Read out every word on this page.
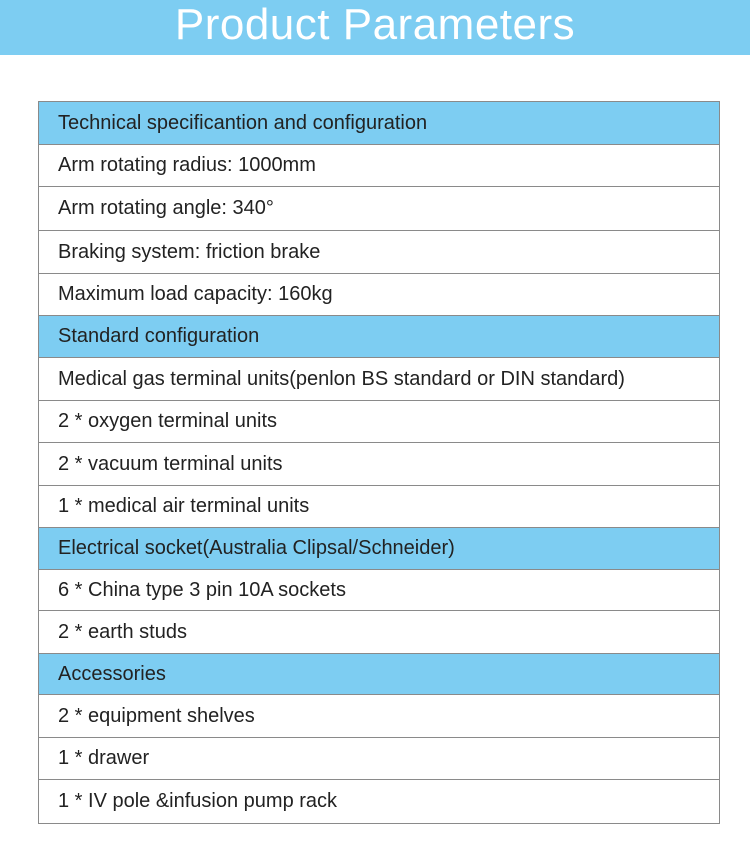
Product Parameters
Technical specificantion and configuration
Arm rotating radius: 1000mm
Arm rotating angle: 340°
Braking system: friction brake
Maximum load capacity: 160kg
Standard configuration
Medical gas terminal units(penlon BS standard or DIN standard)
2 * oxygen terminal units
2 * vacuum terminal units
1 * medical air terminal units
Electrical socket(Australia Clipsal/Schneider)
6 * China type 3 pin 10A sockets
2 * earth studs
Accessories
2 * equipment shelves
1 * drawer
1 * IV pole &infusion pump rack
